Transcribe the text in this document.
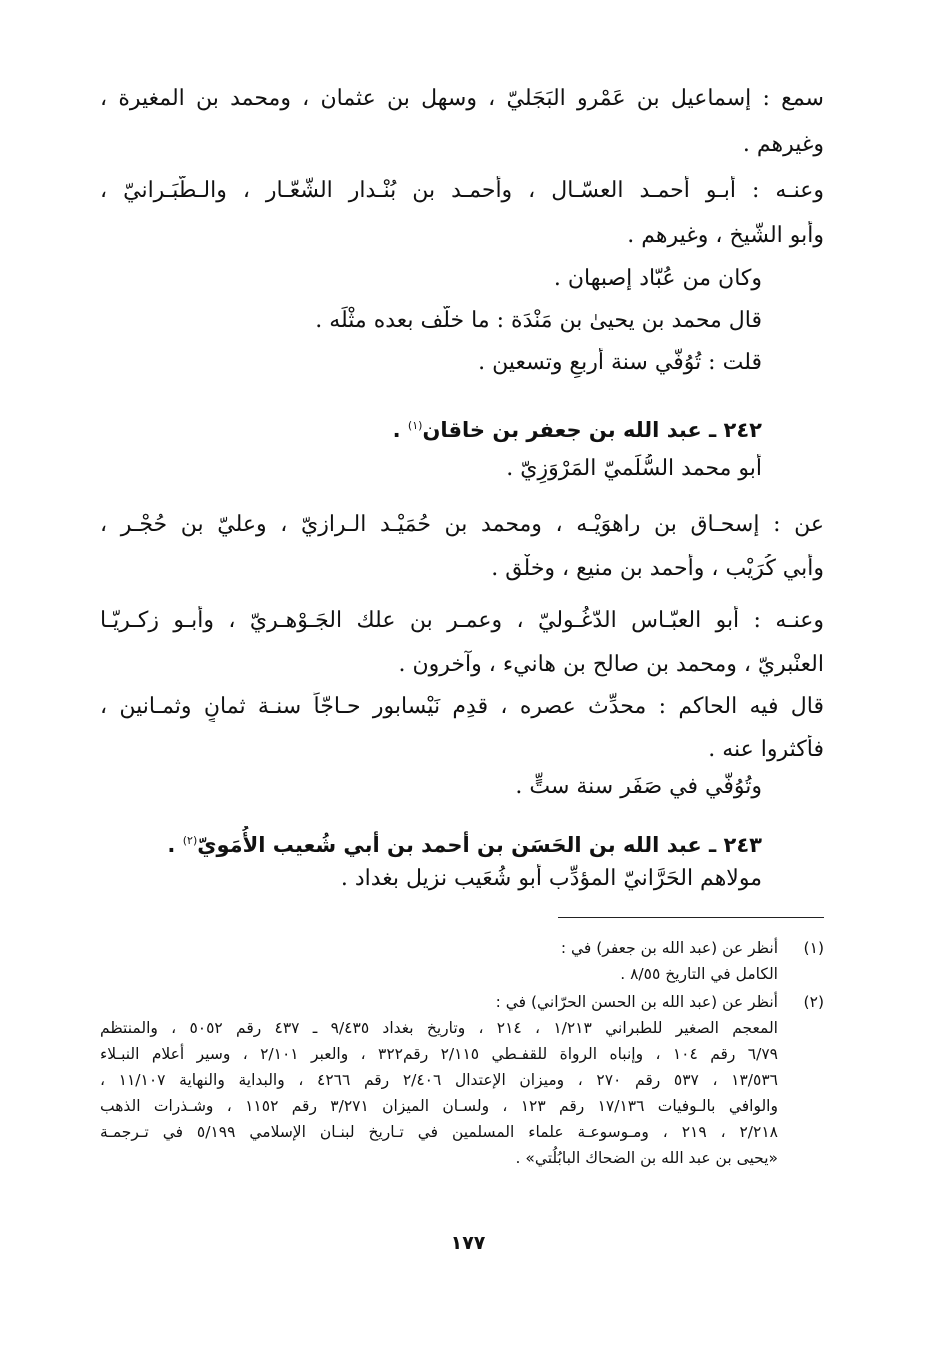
سمع : إسماعيل بن عَمْرو البَجَليّ ، وسهل بن عثمان ، ومحمد بن المغيرة ،
وغيرهم .
وعنـه : أبـو أحمـد العسّـال ، وأحمـد بن بُنْـدار الشّعّـار ، والـطّبَـرانيّ ،
وأبو الشّيخ ، وغيرهم .
وكان من عُبّاد إصبهان .
قال محمد بن يحيىٰ بن مَنْدَة : ما خلّف بعده مثْلَه .
قلت : تُوُفّي سنة أربعٍ وتسعين .
٢٤٢ ـ عبد الله بن جعفر بن خاقان$^{(١)}$ .
أبو محمد السُّلَميّ المَرْوَزِيّ .
عن : إسحـاق بن راهوَيْـه ، ومحمد بن حُمَيْـد الـرازيّ ، وعليّ بن حُجْـر ،
وأبي كُرَيْب ، وأحمد بن منيع ، وخلْق .
وعنـه : أبو العبّـاس الدّغُـوليّ ، وعمـر بن علك الجَـوْهـريّ ، وأبـو زكـريّـا
العنْبريّ ، ومحمد بن صالح بن هانيء ، وآخرون .
قال فيه الحاكم : محدِّث عصره ، قدِم نَيْسابور حـاجّاً سنـة ثمانٍ وثمـانين ،
فأكثروا عنه .
وتُوُفّي في صَفَر سنة ستٍّ .
٢٤٣ ـ عبد الله بن الحَسَن بن أحمد بن أبي شُعيب الأُمَويّ$^{(٢)}$ .
مولاهم الحَرَّانيّ المؤدِّب أبو شُعَيب نزيل بغداد .
(١)أنظر عن (عبد الله بن جعفر) في :
الكامل في التاريخ ٨/٥٥ .
(٢)أنظر عن (عبد الله بن الحسن الحرّاني) في :
المعجم الصغير للطبراني ١/٢١٣ ، ٢١٤ ، وتاريخ بغداد ٩/٤٣٥ ـ ٤٣٧ رقم ٥٠٥٢ ، والمنتظم
٦/٧٩ رقم ١٠٤ ، وإنباه الرواة للقفـطي ٢/١١٥ رقم٣٢٢ ، والعبر ٢/١٠١ ، وسير أعلام النبـلاء
١٣/٥٣٦ ، ٥٣٧ رقم ٢٧٠ ، وميزان الإعتدال ٢/٤٠٦ رقم ٤٢٦٦ ، والبداية والنهاية ١١/١٠٧ ،
والوافي بالـوفيات ١٧/١٣٦ رقم ١٢٣ ، ولسـان الميزان ٣/٢٧١ رقم ١١٥٢ ، وشـذرات الذهب
٢/٢١٨ ، ٢١٩ ، ومـوسوعـة علماء المسلمين في تـاريخ لبنـان الإسلامي ٥/١٩٩ في تـرجمـة
«يحيى بن عبد الله بن الضحاك البابُلُتي» .
١٧٧
